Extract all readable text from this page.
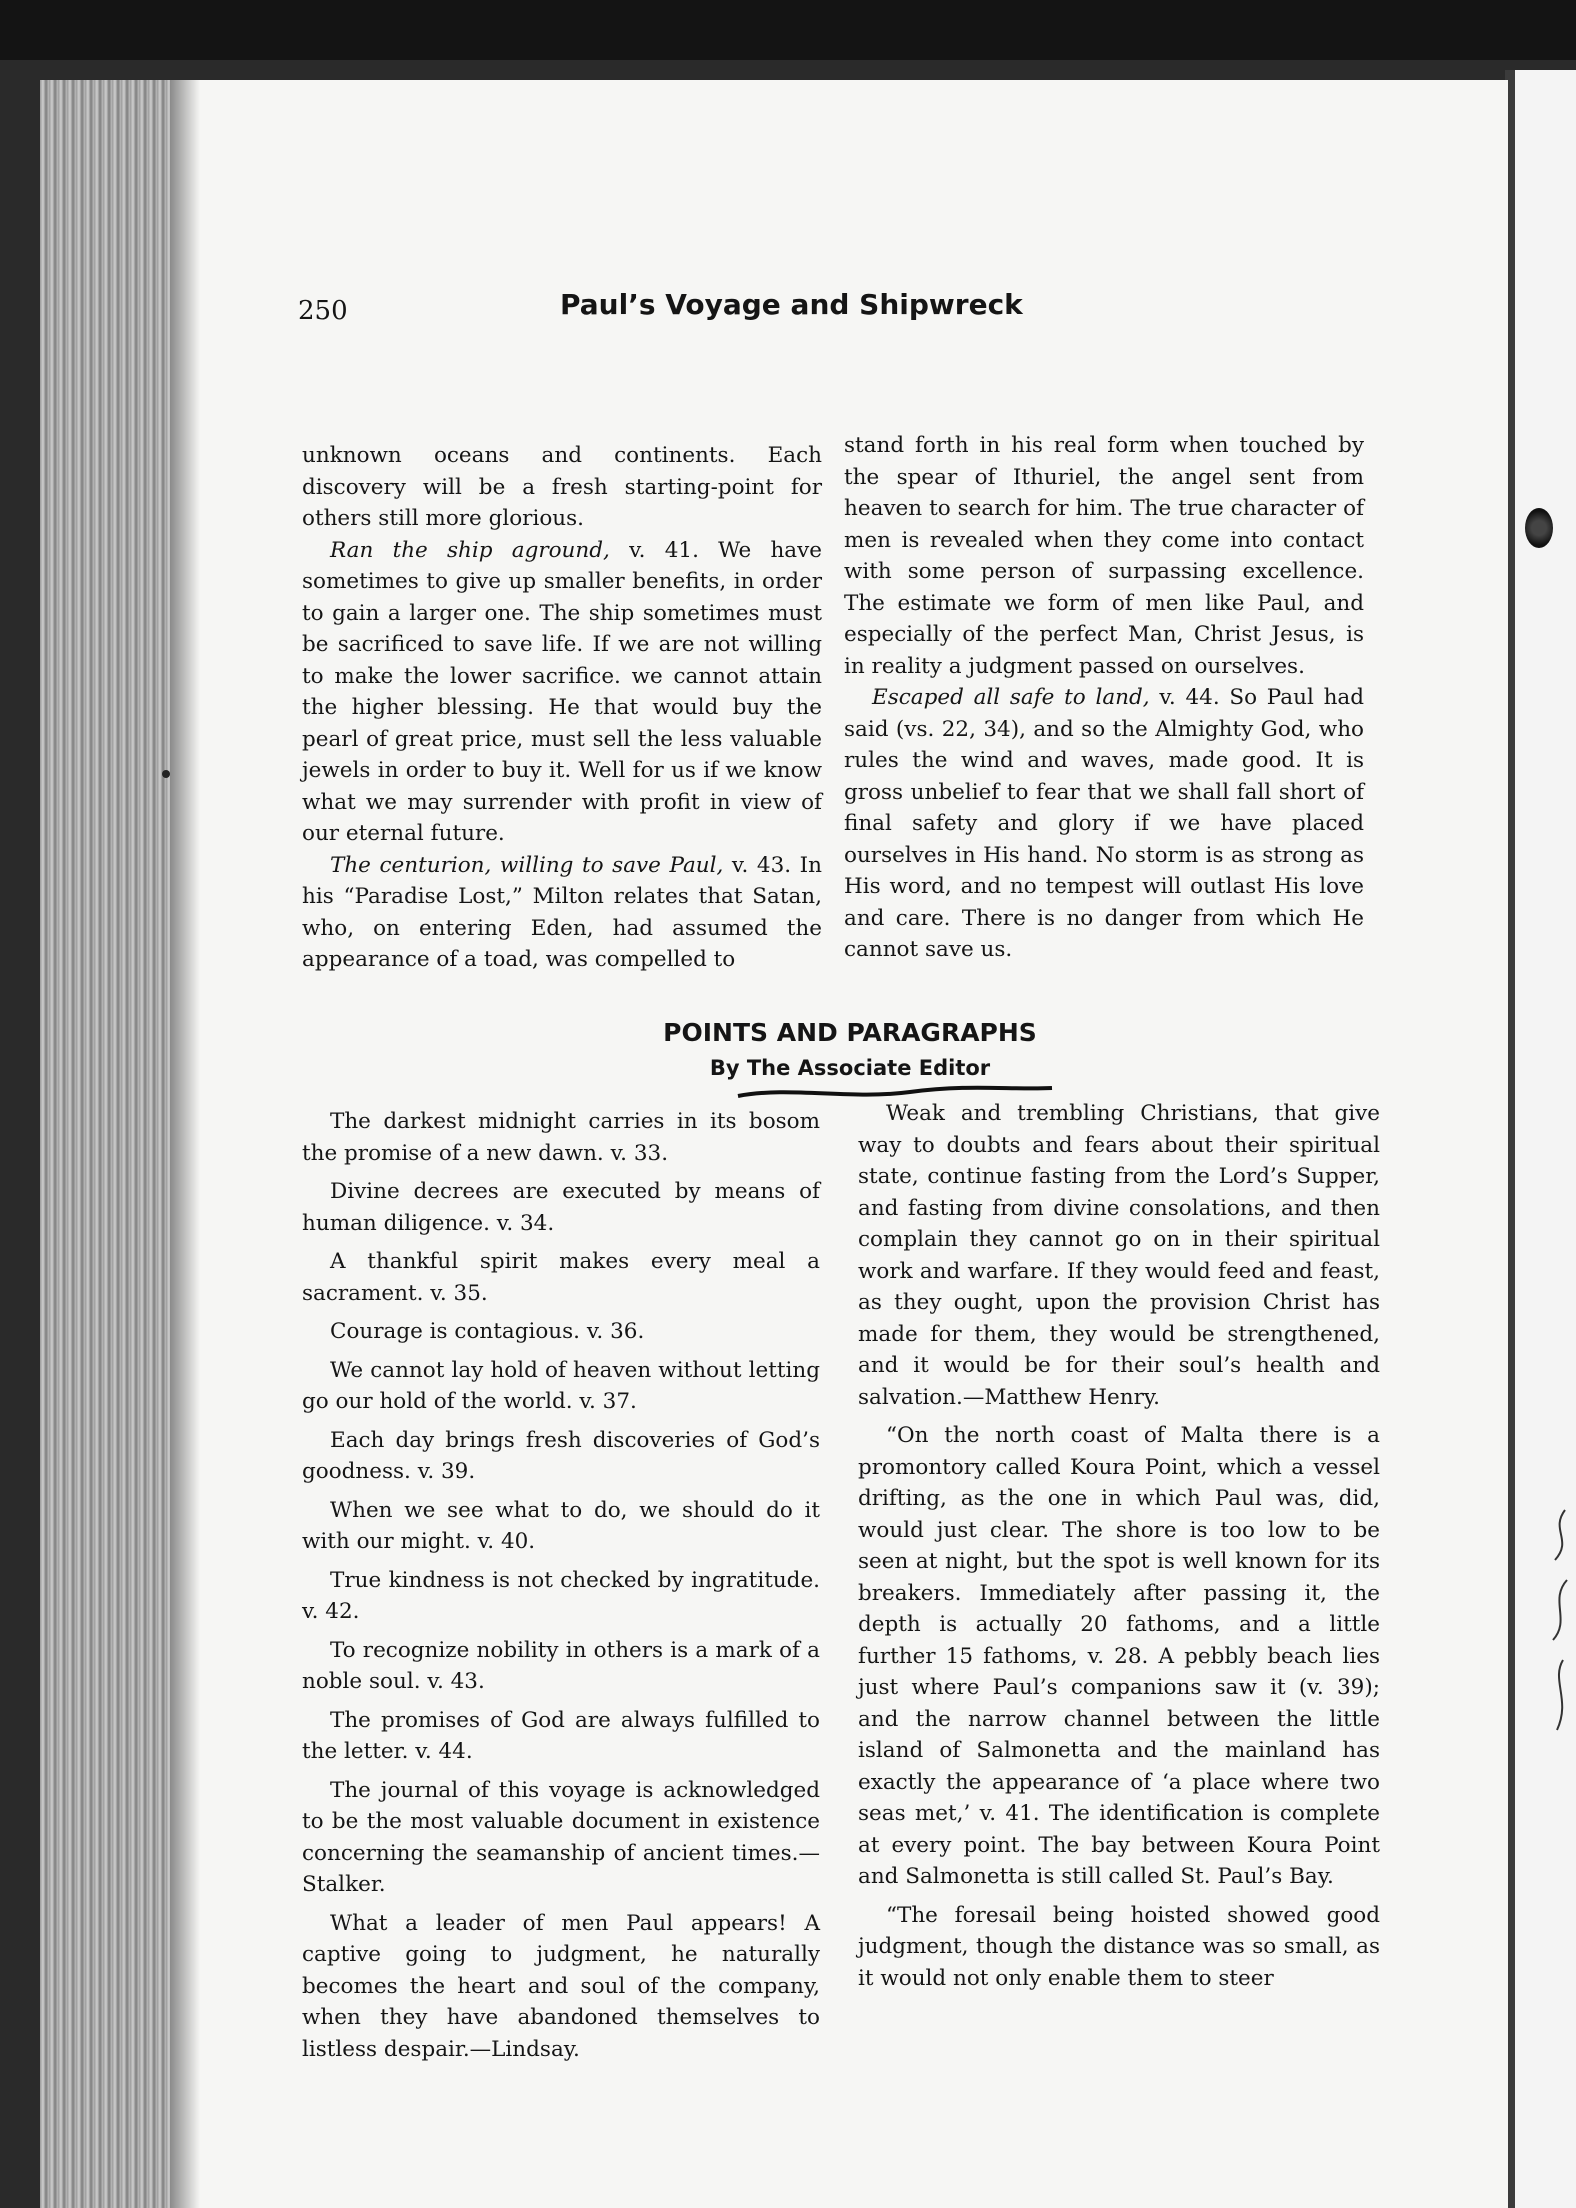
250	Paul’s Voyage and Shipwreck

unknown oceans and continents. Each discovery will be a fresh starting-point for others still more glorious.

Ran the ship aground, v. 41. We have sometimes to give up smaller benefits, in order to gain a larger one. The ship sometimes must be sacrificed to save life. If we are not willing to make the lower sacrifice. we cannot attain the higher blessing. He that would buy the pearl of great price, must sell the less valuable jewels in order to buy it. Well for us if we know what we may surrender with profit in view of our eternal future.

The centurion, willing to save Paul, v. 43. In his “Paradise Lost,” Milton relates that Satan, who, on entering Eden, had assumed the appearance of a toad, was compelled to

stand forth in his real form when touched by the spear of Ithuriel, the angel sent from heaven to search for him. The true character of men is revealed when they come into contact with some person of surpassing excellence. The estimate we form of men like Paul, and especially of the perfect Man, Christ Jesus, is in reality a judgment passed on ourselves.

Escaped all safe to land, v. 44. So Paul had said (vs. 22, 34), and so the Almighty God, who rules the wind and waves, made good. It is gross unbelief to fear that we shall fall short of final safety and glory if we have placed ourselves in His hand. No storm is as strong as His word, and no tempest will outlast His love and care. There is no danger from which He cannot save us.

POINTS AND PARAGRAPHS
By The Associate Editor

The darkest midnight carries in its bosom the promise of a new dawn. v. 33.

Divine decrees are executed by means of human diligence. v. 34.

A thankful spirit makes every meal a sacrament. v. 35.

Courage is contagious. v. 36.

We cannot lay hold of heaven without letting go our hold of the world. v. 37.

Each day brings fresh discoveries of God’s goodness. v. 39.

When we see what to do, we should do it with our might. v. 40.

True kindness is not checked by ingratitude. v. 42.

To recognize nobility in others is a mark of a noble soul. v. 43.

The promises of God are always fulfilled to the letter. v. 44.

The journal of this voyage is acknowledged to be the most valuable document in existence concerning the seamanship of ancient times.—Stalker.

What a leader of men Paul appears! A captive going to judgment, he naturally becomes the heart and soul of the company, when they have abandoned themselves to listless despair.—Lindsay.

Weak and trembling Christians, that give way to doubts and fears about their spiritual state, continue fasting from the Lord’s Supper, and fasting from divine consolations, and then complain they cannot go on in their spiritual work and warfare. If they would feed and feast, as they ought, upon the provision Christ has made for them, they would be strengthened, and it would be for their soul’s health and salvation.—Matthew Henry.

“On the north coast of Malta there is a promontory called Koura Point, which a vessel drifting, as the one in which Paul was, did, would just clear. The shore is too low to be seen at night, but the spot is well known for its breakers. Immediately after passing it, the depth is actually 20 fathoms, and a little further 15 fathoms, v. 28. A pebbly beach lies just where Paul’s companions saw it (v. 39); and the narrow channel between the little island of Salmonetta and the mainland has exactly the appearance of ‘a place where two seas met,’ v. 41. The identification is complete at every point. The bay between Koura Point and Salmonetta is still called St. Paul’s Bay.

“The foresail being hoisted showed good judgment, though the distance was so small, as it would not only enable them to steer
